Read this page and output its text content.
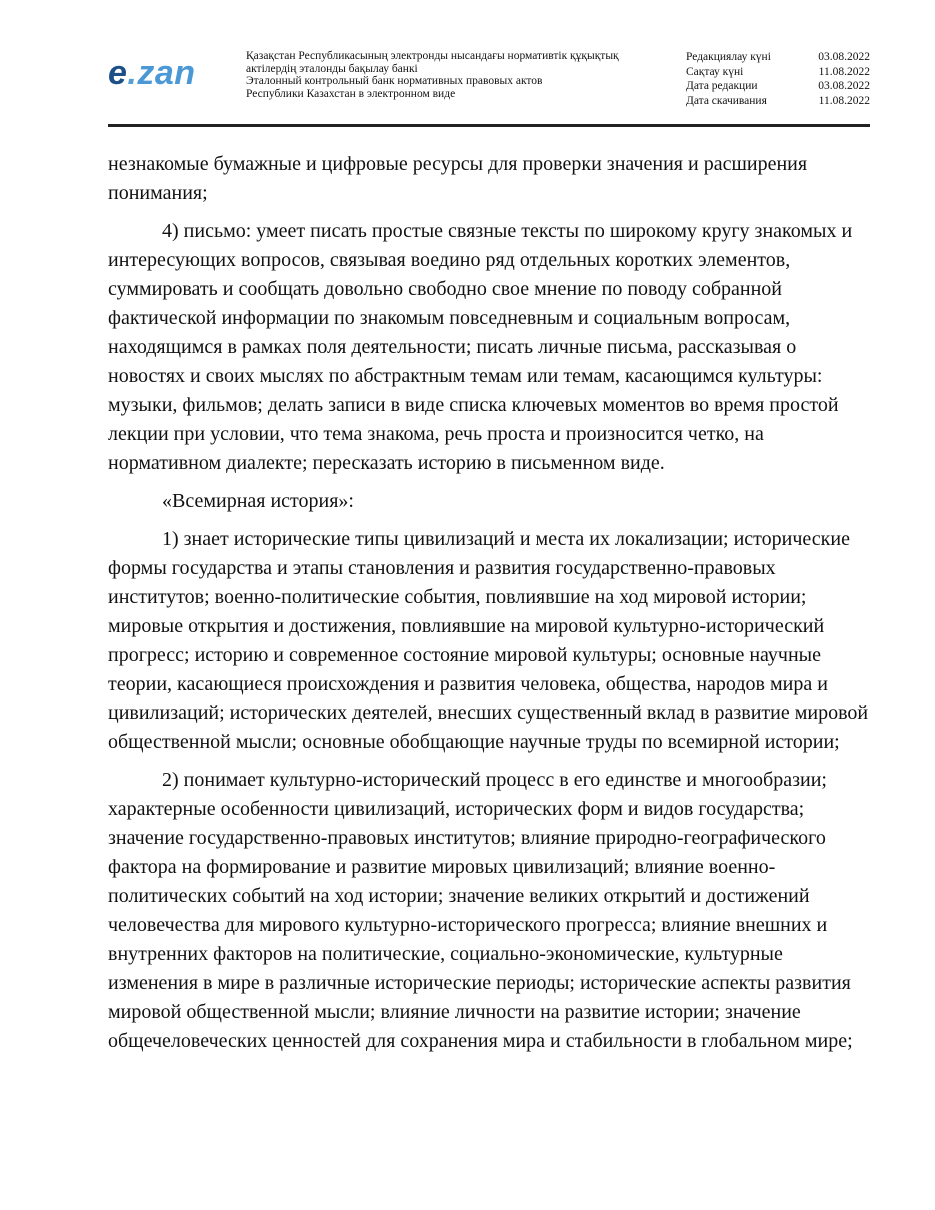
e.zan	Қазақстан Республикасының электронды нысандағы нормативтік құқықтық
актілердің эталонды бақылау банкі
Эталонный контрольный банк нормативных правовых актов
Республики Казахстан в электронном виде
Редакциялау күні	03.08.2022
Сақтау күні	11.08.2022
Дата редакции	03.08.2022
Дата скачивания	11.08.2022

незнакомые бумажные и цифровые ресурсы для проверки значения и расширения понимания;

4) письмо: умеет писать простые связные тексты по широкому кругу знакомых и интересующих вопросов, связывая воедино ряд отдельных коротких элементов, суммировать и сообщать довольно свободно свое мнение по поводу собранной фактической информации по знакомым повседневным и социальным вопросам, находящимся в рамках поля деятельности; писать личные письма, рассказывая о новостях и своих мыслях по абстрактным темам или темам, касающимся культуры: музыки, фильмов; делать записи в виде списка ключевых моментов во время простой лекции при условии, что тема знакома, речь проста и произносится четко, на нормативном диалекте; пересказать историю в письменном виде.

«Всемирная история»:

1) знает исторические типы цивилизаций и места их локализации; исторические формы государства и этапы становления и развития государственно-правовых институтов; военно-политические события, повлиявшие на ход мировой истории; мировые открытия и достижения, повлиявшие на мировой культурно-исторический прогресс; историю и современное состояние мировой культуры; основные научные теории, касающиеся происхождения и развития человека, общества, народов мира и цивилизаций; исторических деятелей, внесших существенный вклад в развитие мировой общественной мысли; основные обобщающие научные труды по всемирной истории;

2) понимает культурно-исторический процесс в его единстве и многообразии; характерные особенности цивилизаций, исторических форм и видов государства; значение государственно-правовых институтов; влияние природно-географического фактора на формирование и развитие мировых цивилизаций; влияние военно-политических событий на ход истории; значение великих открытий и достижений человечества для мирового культурно-исторического прогресса; влияние внешних и внутренних факторов на политические, социально-экономические, культурные изменения в мире в различные исторические периоды; исторические аспекты развития мировой общественной мысли; влияние личности на развитие истории; значение общечеловеческих ценностей для сохранения мира и стабильности в глобальном мире;
